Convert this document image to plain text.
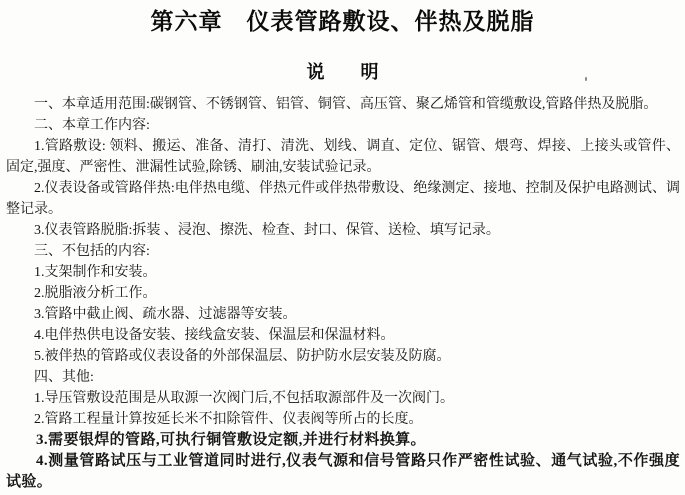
第六章　仪表管路敷设、伴热及脱脂
说　　明

一、本章适用范围:碳钢管、不锈钢管、铝管、铜管、高压管、聚乙烯管和管缆敷设,管路伴热及脱脂。

二、本章工作内容:

1.管路敷设: 领料、搬运、准备、清打、清洗、划线、调直、定位、锯管、煨弯、焊接、上接头或管件、固定,强度、严密性、泄漏性试验,除锈、刷油,安装试验记录。

2.仪表设备或管路伴热:电伴热电缆、伴热元件或伴热带敷设、绝缘测定、接地、控制及保护电路测试、调整记录。

3.仪表管路脱脂:拆装 、浸泡、擦洗、检查、封口、保管、送检、填写记录。

三、不包括的内容:

1.支架制作和安装。

2.脱脂液分析工作。

3.管路中截止阀、疏水器、过滤器等安装。

4.电伴热供电设备安装、接线盒安装、保温层和保温材料。

5.被伴热的管路或仪表设备的外部保温层、防护防水层安装及防腐。

四、其他:

1.导压管敷设范围是从取源一次阀门后,不包括取源部件及一次阀门。

2.管路工程量计算按延长米不扣除管件、仪表阀等所占的长度。

3.需要银焊的管路,可执行铜管敷设定额,并进行材料换算。

4.测量管路试压与工业管道同时进行,仪表气源和信号管路只作严密性试验、通气试验,不作强度试验。
